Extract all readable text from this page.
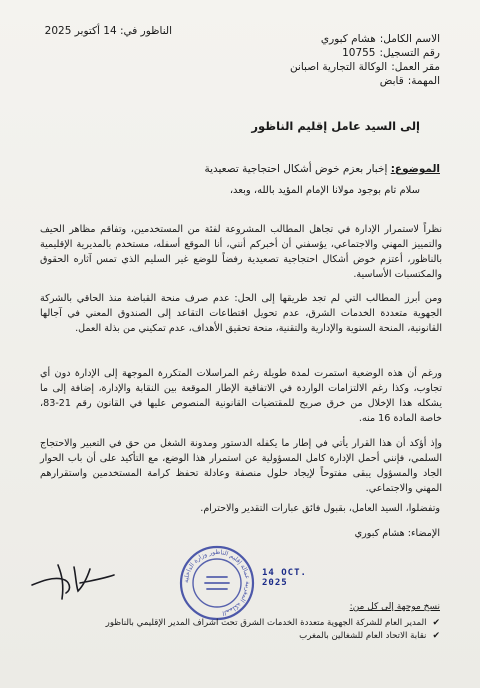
الناظور في: 14 أكتوبر 2025
الاسم الكامل:
هشام كبوري
رقم التسجيل:
10755
مقر العمل:
الوكالة التجارية اصبانن
المهمة:
قابض
إلى السيد عامل إقليم الناظور
الموضوع: إخبار بعزم خوض أشكال احتجاجية تصعيدية
سلام تام بوجود مولانا الإمام المؤيد بالله، وبعد،
نظراً لاستمرار الإدارة في تجاهل المطالب المشروعة لفئة من المستخدمين، وتفاقم مظاهر الحيف والتمييز المهني والاجتماعي، يؤسفني أن أخبركم أنني، أنا الموقع أسفله، مستخدم بالمديرية الإقليمية بالناظور، أعتزم خوض أشكال احتجاجية تصعيدية رفضاً للوضع غير السليم الذي تمس آثاره الحقوق والمكتسبات الأساسية.
ومن أبرز المطالب التي لم تجد طريقها إلى الحل: عدم صرف منحة القباضة منذ الحاقي بالشركة الجهوية متعددة الخدمات الشرق، عدم تحويل اقتطاعات التقاعد إلى الصندوق المعني في آجالها القانونية، المنحة السنوية والإدارية والتقنية، منحة تحقيق الأهداف، عدم تمكيني من بذلة العمل.
ورغم أن هذه الوضعية استمرت لمدة طويلة رغم المراسلات المتكررة الموجهة إلى الإدارة دون أي تجاوب، وكذا رغم الالتزامات الواردة في الاتفاقية الإطار الموقعة بين النقابة والإدارة، إضافة إلى ما يشكله هذا الإخلال من خرق صريح للمقتضيات القانونية المنصوص عليها في القانون رقم 21-83، خاصة المادة 16 منه.
وإذ أؤكد أن هذا القرار يأتي في إطار ما يكفله الدستور ومدونة الشغل من حق في التعبير والاحتجاج السلمي، فإنني أحمل الإدارة كامل المسؤولية عن استمرار هذا الوضع، مع التأكيد على أن باب الحوار الجاد والمسؤول يبقى مفتوحاً لإيجاد حلول منصفة وعادلة تحفظ كرامة المستخدمين واستقرارهم المهني والاجتماعي.
وتفضلوا، السيد العامل، بقبول فائق عبارات التقدير والاحترام.
الإمضاء: هشام كبوري
المملكة المغربية عمالة إقليم الناظور وزارة الداخلية
14 OCT. 2025
نسخ موجهة إلى كل من:
✔
المدير العام للشركة الجهوية متعددة الخدمات الشرق تحت اشراف المدير الإقليمي بالناظور
✔
نقابة الاتحاد العام للشغالين بالمغرب
